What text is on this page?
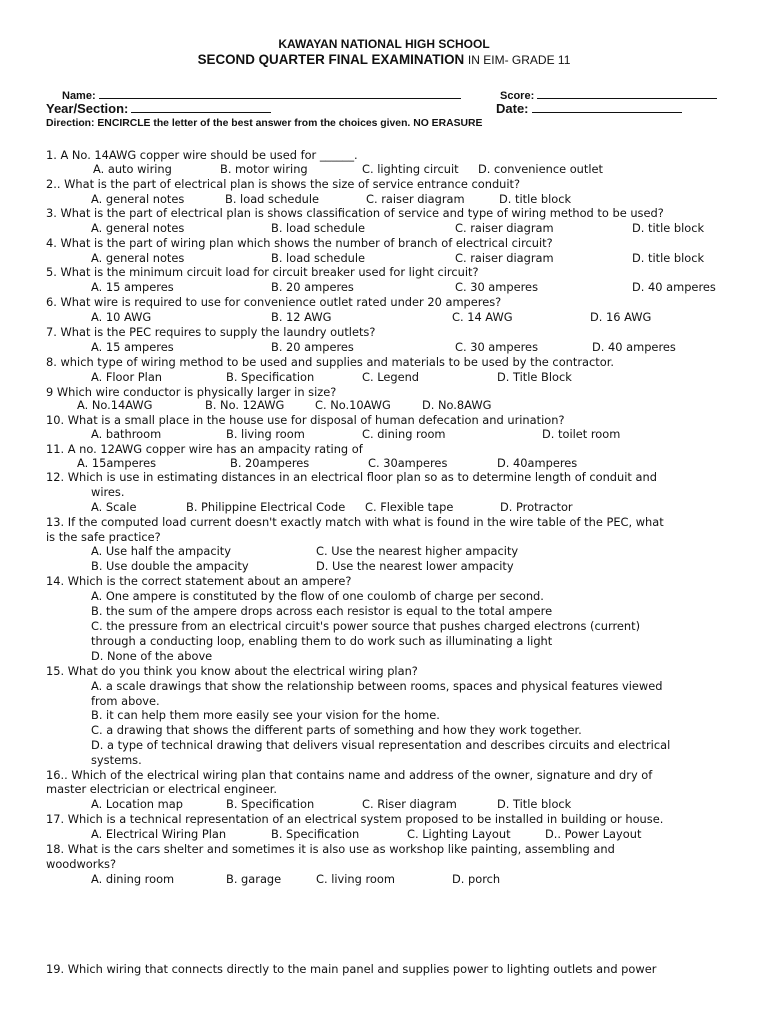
KAWAYAN NATIONAL HIGH SCHOOL
SECOND QUARTER FINAL EXAMINATION IN EIM- GRADE 11
Name:	Score:
Year/Section:	Date:
Direction: ENCIRCLE the letter of the best answer from the choices given. NO ERASURE
1. A No. 14AWG copper wire should be used for ______.
A. auto wiring	B. motor wiring	C. lighting circuit D. convenience outlet
2.. What is the part of electrical plan is shows the size of service entrance conduit?
A. general notes	B. load schedule	C. raiser diagram	D. title block
3. What is the part of electrical plan is shows classification of service and type of wiring method to be used?
A. general notes	B. load schedule	C. raiser diagram	D. title block
4. What is the part of wiring plan which shows the number of branch of electrical circuit?
A. general notes	B. load schedule	C. raiser diagram	D. title block
5. What is the minimum circuit load for circuit breaker used for light circuit?
A. 15 amperes	B. 20 amperes	C. 30 amperes	D. 40 amperes
6. What wire is required to use for convenience outlet rated under 20 amperes?
A. 10 AWG	B. 12 AWG	C. 14 AWG	D. 16 AWG
7. What is the PEC requires to supply the laundry outlets?
A. 15 amperes	B. 20 amperes	C. 30 amperes	D. 40 amperes
8. which type of wiring method to be used and supplies and materials to be used by the contractor.
A. Floor Plan	B. Specification	C. Legend	D. Title Block
9 Which wire conductor is physically larger in size?
A. No.14AWG	B. No. 12AWG	C. No.10AWG	D. No.8AWG
10. What is a small place in the house use for disposal of human defecation and urination?
A. bathroom	B. living room	C. dining room	D. toilet room
11. A no. 12AWG copper wire has an ampacity rating of
A. 15amperes	B. 20amperes	C. 30amperes	D. 40amperes
12. Which is use in estimating distances in an electrical floor plan so as to determine length of conduit and
wires.
A. Scale	B. Philippine Electrical Code C. Flexible tape	D. Protractor
13. If the computed load current doesn't exactly match with what is found in the wire table of the PEC, what
is the safe practice?
A. Use half the ampacity	C. Use the nearest higher ampacity
B. Use double the ampacity	D. Use the nearest lower ampacity
14. Which is the correct statement about an ampere?
A. One ampere is constituted by the flow of one coulomb of charge per second.
B. the sum of the ampere drops across each resistor is equal to the total ampere
C. the pressure from an electrical circuit's power source that pushes charged electrons (current)
through a conducting loop, enabling them to do work such as illuminating a light
D. None of the above
15. What do you think you know about the electrical wiring plan?
A. a scale drawings that show the relationship between rooms, spaces and physical features viewed
from above.
B. it can help them more easily see your vision for the home.
C. a drawing that shows the different parts of something and how they work together.
D. a type of technical drawing that delivers visual representation and describes circuits and electrical
systems.
16.. Which of the electrical wiring plan that contains name and address of the owner, signature and dry of
master electrician or electrical engineer.
A. Location map	B. Specification	C. Riser diagram	D. Title block
17. Which is a technical representation of an electrical system proposed to be installed in building or house.
A. Electrical Wiring Plan	B. Specification	C. Lighting Layout	D.. Power Layout
18. What is the cars shelter and sometimes it is also use as workshop like painting, assembling and
woodworks?
A. dining room	B. garage	C. living room	D. porch
19. Which wiring that connects directly to the main panel and supplies power to lighting outlets and power
